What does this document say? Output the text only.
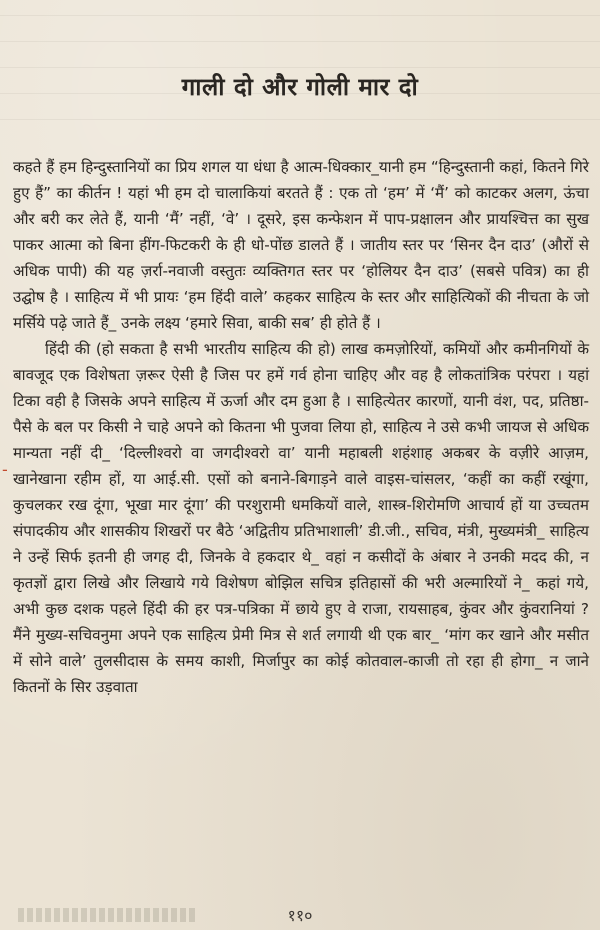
गाली दो और गोली मार दो

कहते हैं हम हिन्दुस्तानियों का प्रिय शगल या धंधा है आत्म-धिक्कार_यानी हम “हिन्दुस्तानी कहां, कितने गिरे हुए हैं” का कीर्तन ! यहां भी हम दो चालाकियां बरतते हैं : एक तो ‘हम’ में ‘मैं’ को काटकर अलग, ऊंचा और बरी कर लेते हैं, यानी ‘मैं’ नहीं, ‘वे’ । दूसरे, इस कन्फेशन में पाप-प्रक्षालन और प्रायश्चित्त का सुख पाकर आत्मा को बिना हींग-फिटकरी के ही धो-पोंछ डालते हैं । जातीय स्तर पर ‘सिनर दैन दाउ’ (औरों से अधिक पापी) की यह ज़र्रा-नवाजी वस्तुतः व्यक्तिगत स्तर पर ‘होलियर दैन दाउ’ (सबसे पवित्र) का ही उद्घोष है । साहित्य में भी प्रायः ‘हम हिंदी वाले’ कहकर साहित्य के स्तर और साहित्यिकों की नीचता के जो मर्सिये पढ़े जाते हैं_ उनके लक्ष्य ‘हमारे सिवा, बाकी सब’ ही होते हैं ।

हिंदी की (हो सकता है सभी भारतीय साहित्य की हो) लाख कमज़ोरियों, कमियों और कमीनगियों के बावजूद एक विशेषता ज़रूर ऐसी है जिस पर हमें गर्व होना चाहिए और वह है लोकतांत्रिक परंपरा । यहां टिका वही है जिसके अपने साहित्य में ऊर्जा और दम हुआ है । साहित्येतर कारणों, यानी वंश, पद, प्रतिष्ठा-पैसे के बल पर किसी ने चाहे अपने को कितना भी पुजवा लिया हो, साहित्य ने उसे कभी जायज से अधिक मान्यता नहीं दी_ ‘दिल्लीश्वरो वा जगदीश्वरो वा’ यानी महाबली शहंशाह अकबर के वज़ीरे आज़म, खानेखाना रहीम हों, या आई.सी. एसों को बनाने-बिगाड़ने वाले वाइस-चांसलर, ‘कहीं का कहीं रखूंगा, कुचलकर रख दूंगा, भूखा मार दूंगा’ की परशुरामी धमकियों वाले, शास्त्र-शिरोमणि आचार्य हों या उच्चतम संपादकीय और शासकीय शिखरों पर बैठे ‘अद्वितीय प्रतिभाशाली’ डी.जी., सचिव, मंत्री, मुख्यमंत्री_ साहित्य ने उन्हें सिर्फ इतनी ही जगह दी, जिनके वे हकदार थे_ वहां न कसीदों के अंबार ने उनकी मदद की, न कृतज्ञों द्वारा लिखे और लिखाये गये विशेषण बोझिल सचित्र इतिहासों की भरी अल्मारियों ने_ कहां गये, अभी कुछ दशक पहले हिंदी की हर पत्र-पत्रिका में छाये हुए वे राजा, रायसाहब, कुंवर और कुंवरानियां ? मैंने मुख्य-सचिवनुमा अपने एक साहित्य प्रेमी मित्र से शर्त लगायी थी एक बार_ ‘मांग कर खाने और मसीत में सोने वाले’ तुलसीदास के समय काशी, मिर्जापुर का कोई कोतवाल-काजी तो रहा ही होगा_ न जाने कितनों के सिर उड़वाता

-
११०
